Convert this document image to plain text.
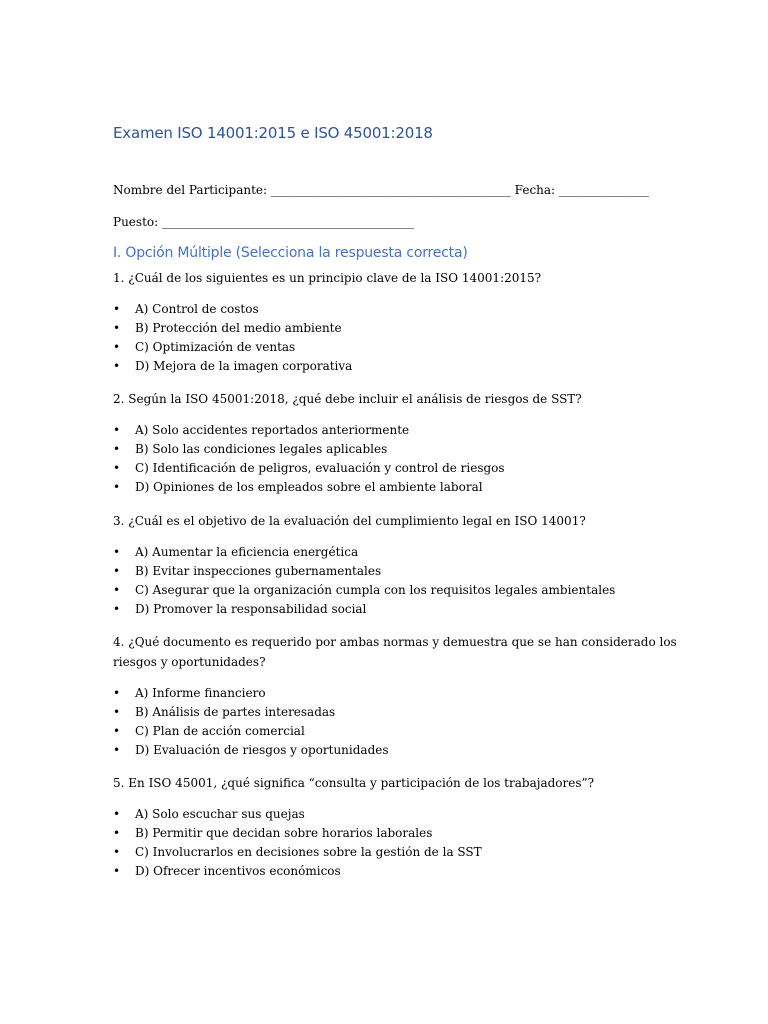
Examen ISO 14001:2015 e ISO 45001:2018
Nombre del Participante: ________________________________________ Fecha: _______________
Puesto: __________________________________________
I. Opción Múltiple (Selecciona la respuesta correcta)
1. ¿Cuál de los siguientes es un principio clave de la ISO 14001:2015?
• A) Control de costos
• B) Protección del medio ambiente
• C) Optimización de ventas
• D) Mejora de la imagen corporativa
2. Según la ISO 45001:2018, ¿qué debe incluir el análisis de riesgos de SST?
• A) Solo accidentes reportados anteriormente
• B) Solo las condiciones legales aplicables
• C) Identificación de peligros, evaluación y control de riesgos
• D) Opiniones de los empleados sobre el ambiente laboral
3. ¿Cuál es el objetivo de la evaluación del cumplimiento legal en ISO 14001?
• A) Aumentar la eficiencia energética
• B) Evitar inspecciones gubernamentales
• C) Asegurar que la organización cumpla con los requisitos legales ambientales
• D) Promover la responsabilidad social
4. ¿Qué documento es requerido por ambas normas y demuestra que se han considerado los
riesgos y oportunidades?
• A) Informe financiero
• B) Análisis de partes interesadas
• C) Plan de acción comercial
• D) Evaluación de riesgos y oportunidades
5. En ISO 45001, ¿qué significa “consulta y participación de los trabajadores”?
• A) Solo escuchar sus quejas
• B) Permitir que decidan sobre horarios laborales
• C) Involucrarlos en decisiones sobre la gestión de la SST
• D) Ofrecer incentivos económicos
